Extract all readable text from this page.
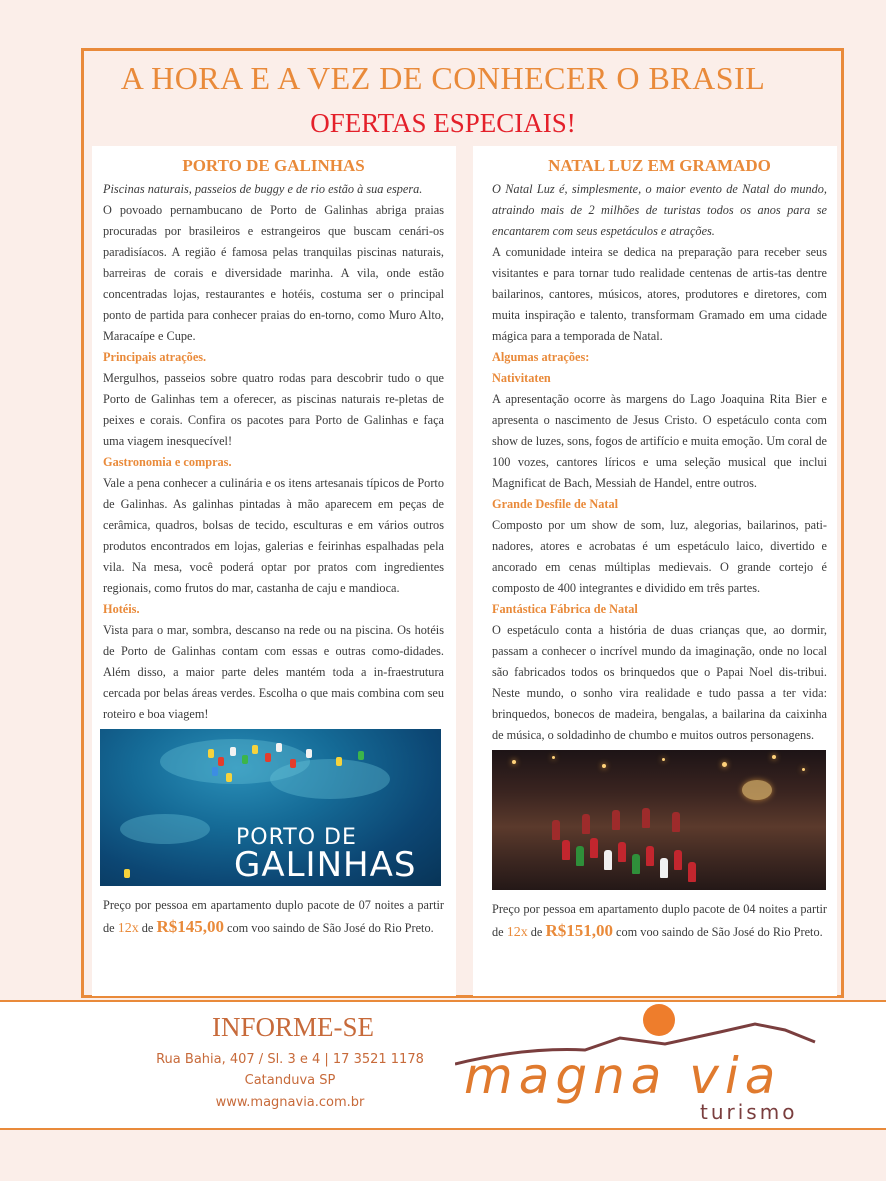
A HORA E A VEZ DE CONHECER O BRASIL
OFERTAS ESPECIAIS!
PORTO DE GALINHAS

Piscinas naturais, passeios de buggy e de rio estão à sua espera.

O povoado pernambucano de Porto de Galinhas abriga praias procuradas por brasileiros e estrangeiros que buscam cenári-os paradisíacos. A região é famosa pelas tranquilas piscinas naturais, barreiras de corais e diversidade marinha. A vila, onde estão concentradas lojas, restaurantes e hotéis, costuma ser o principal ponto de partida para conhecer praias do en-torno, como Muro Alto, Maracaípe e Cupe.

Principais atrações.

Mergulhos, passeios sobre quatro rodas para descobrir tudo o que Porto de Galinhas tem a oferecer, as piscinas naturais re-pletas de peixes e corais. Confira os pacotes para Porto de Galinhas e faça uma viagem inesquecível!

Gastronomia e compras.

Vale a pena conhecer a culinária e os itens artesanais típicos de Porto de Galinhas. As galinhas pintadas à mão aparecem em peças de cerâmica, quadros, bolsas de tecido, esculturas e em vários outros produtos encontrados em lojas, galerias e feirinhas espalhadas pela vila. Na mesa, você poderá optar por pratos com ingredientes regionais, como frutos do mar, castanha de caju e mandioca.

Hotéis.

Vista para o mar, sombra, descanso na rede ou na piscina. Os hotéis de Porto de Galinhas contam com essas e outras como-didades. Além disso, a maior parte deles mantém toda a in-fraestrutura cercada por belas áreas verdes. Escolha o que mais combina com seu roteiro e boa viagem!

PORTO DE
GALINHAS

Preço por pessoa em apartamento duplo pacote de 07 noites a partir de 12x de R$145,00 com voo saindo de São José do Rio Preto.

NATAL LUZ EM GRAMADO

O Natal Luz é, simplesmente, o maior evento de Natal do mundo, atraindo mais de 2 milhões de turistas todos os anos para se encantarem com seus espetáculos e atrações.

A comunidade inteira se dedica na preparação para receber seus visitantes e para tornar tudo realidade centenas de artis-tas dentre bailarinos, cantores, músicos, atores, produtores e diretores, com muita inspiração e talento, transformam Gramado em uma cidade mágica para a temporada de Natal.

Algumas atrações:
Nativitaten

A apresentação ocorre às margens do Lago Joaquina Rita Bier e apresenta o nascimento de Jesus Cristo. O espetáculo conta com show de luzes, sons, fogos de artifício e muita emoção. Um coral de 100 vozes, cantores líricos e uma seleção musical que inclui Magnificat de Bach, Messiah de Handel, entre outros.

Grande Desfile de Natal

Composto por um show de som, luz, alegorias, bailarinos, pati-nadores, atores e acrobatas é um espetáculo laico, divertido e ancorado em cenas múltiplas medievais. O grande cortejo é composto de 400 integrantes e dividido em três partes.

Fantástica Fábrica de Natal

O espetáculo conta a história de duas crianças que, ao dormir, passam a conhecer o incrível mundo da imaginação, onde no local são fabricados todos os brinquedos que o Papai Noel dis-tribui. Neste mundo, o sonho vira realidade e tudo passa a ter vida: brinquedos, bonecos de madeira, bengalas, a bailarina da caixinha de música, o soldadinho de chumbo e muitos outros personagens.

Preço por pessoa em apartamento duplo pacote de 04 noites a partir de 12x de R$151,00 com voo saindo de São José do Rio Preto.

INFORME-SE
Rua Bahia, 407 / Sl. 3 e 4 | 17 3521 1178
Catanduva SP
www.magnavia.com.br	magna via
turismo
